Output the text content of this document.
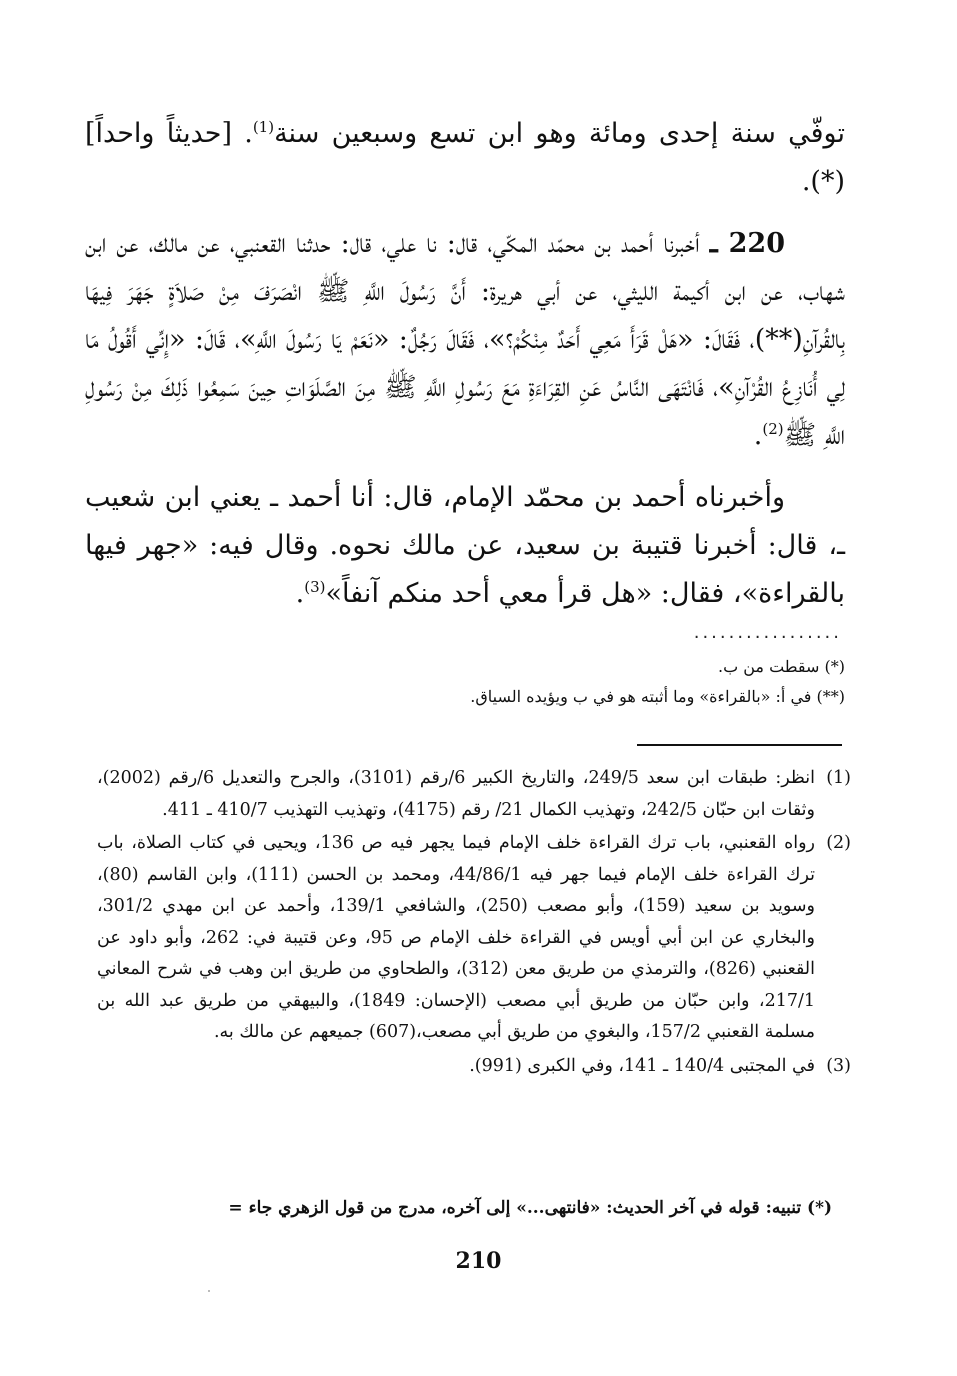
توفّي سنة إحدى ومائة وهو ابن تسع وسبعين سنة$^{(1)}$. [حديثاً واحداً](*).

220 ـ أخبرنا أحمد بن محمّد المكّي، قال: نا علي، قال: حدثنا القعنبي، عن مالك، عن ابن شهاب، عن ابن أكيمة الليثي، عن أبي هريرة: أَنَّ رَسُولَ اللَّهِ ﷺ انْصَرَفَ مِنْ صَلاَةٍ جَهَرَ فِيهَا بِالقُرآنِ(**)، فَقَالَ: «هَلْ قَرَأَ مَعِي أَحَدٌ مِنْكُمْ؟»، فَقَالَ رَجُلٌ: «نَعَمْ يَا رَسُولَ اللَّهِ»، قَالَ: «إِنِّي أَقُولُ مَا لِي أُنَازِعُ القُرْآنِ»، فَانْتَهَى النَّاسُ عَنِ القِرَاءَةِ مَعَ رَسُولِ اللَّهِ ﷺ مِنَ الصَّلَوَاتِ حِينَ سَمِعُوا ذَلِكَ مِنْ رَسُولِ اللَّهِ ﷺ$^{(2)}$.

وأخبرناه أحمد بن محمّد الإمام، قال: أنا أحمد ـ يعني ابن شعيب ـ، قال: أخبرنا قتيبة بن سعيد، عن مالك نحوه. وقال فيه: «جهر فيها بالقراءة»، فقال: «هل قرأ معي أحد منكم آنفاً»$^{(3)}$.

.................
(*) سقطت من ب.
(**) في أ: «بالقراءة» وما أثبته هو في ب ويؤيده السياق.
(1)
انظر: طبقات ابن سعد 249/5، والتاريخ الكبير 6/رقم (3101)، والجرح والتعديل 6/رقم (2002)، وثقات ابن حبّان 242/5، وتهذيب الكمال 21/ رقم (4175)، وتهذيب التهذيب 410/7 ـ 411.
(2)
رواه القعنبي، باب ترك القراءة خلف الإمام فيما يجهر فيه ص 136، ويحيى في كتاب الصلاة، باب ترك القراءة خلف الإمام فيما جهر فيه 44/86/1، ومحمد بن الحسن (111)، وابن القاسم (80)، وسويد بن سعيد (159)، وأبو مصعب (250)، والشافعي 139/1، وأحمد عن ابن مهدي 301/2، والبخاري عن ابن أبي أويس في القراءة خلف الإمام ص 95، وعن قتيبة في: 262، وأبو داود عن القعنبي (826)، والترمذي من طريق معن (312)، والطحاوي من طريق ابن وهب في شرح المعاني 217/1، وابن حبّان من طريق أبي مصعب (الإحسان: 1849)، والبيهقي من طريق عبد الله بن مسلمة القعنبي 157/2، والبغوي من طريق أبي مصعب،(607) جميعهم عن مالك به.
(3)
في المجتبى 140/4 ـ 141، وفي الكبرى (991).
(*) تنبيه: قوله في آخر الحديث: «فانتهى...» إلى آخره، مدرج من قول الزهري جاء =
210
